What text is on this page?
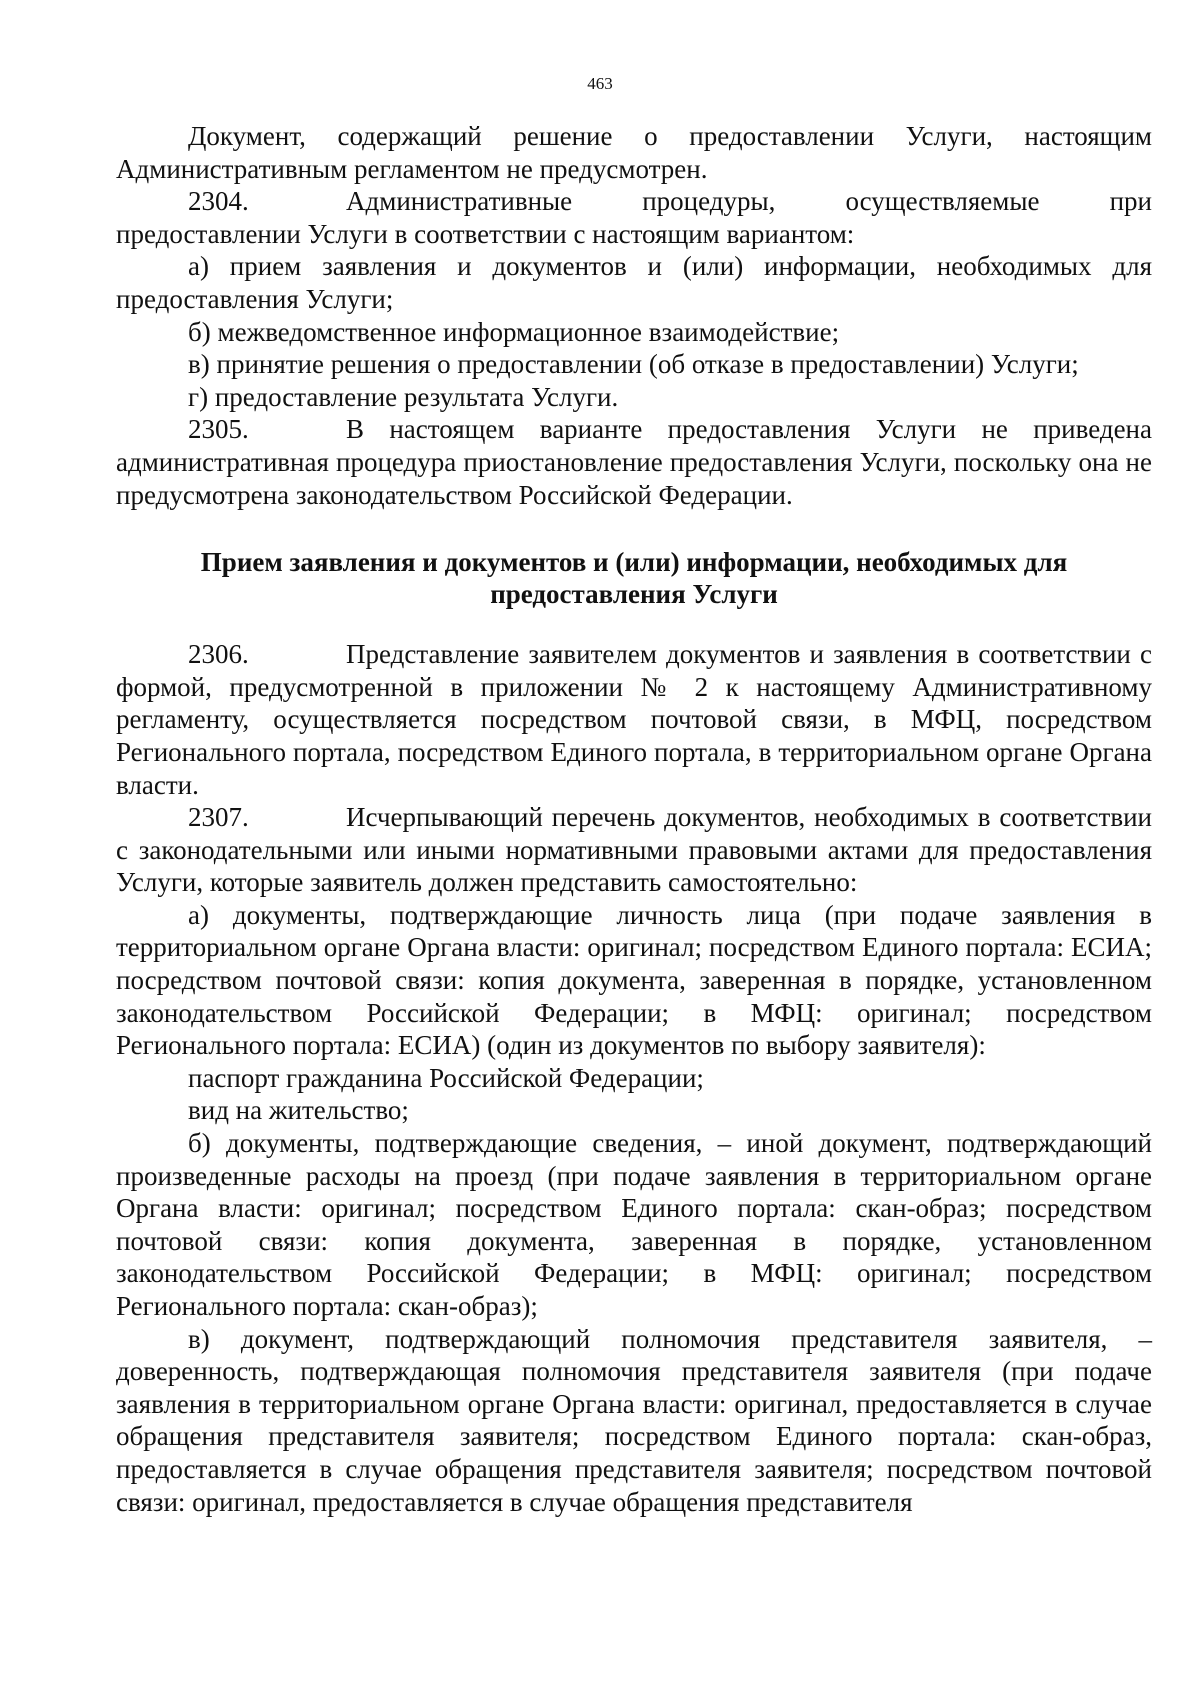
463

Документ, содержащий решение о предоставлении Услуги, настоящим Административным регламентом не предусмотрен.

2304.	Административные процедуры, осуществляемые при предоставлении Услуги в соответствии с настоящим вариантом:

а) прием заявления и документов и (или) информации, необходимых для предоставления Услуги;

б) межведомственное информационное взаимодействие;

в) принятие решения о предоставлении (об отказе в предоставлении) Услуги;

г) предоставление результата Услуги.

2305.	В настоящем варианте предоставления Услуги не приведена административная процедура приостановление предоставления Услуги, поскольку она не предусмотрена законодательством Российской Федерации.

Прием заявления и документов и (или) информации, необходимых для предоставления Услуги

2306.	Представление заявителем документов и заявления в соответствии с формой, предусмотренной в приложении № 2 к настоящему Административному регламенту, осуществляется посредством почтовой связи, в МФЦ, посредством Регионального портала, посредством Единого портала, в территориальном органе Органа власти.

2307.	Исчерпывающий перечень документов, необходимых в соответствии с законодательными или иными нормативными правовыми актами для предоставления Услуги, которые заявитель должен представить самостоятельно:

а) документы, подтверждающие личность лица (при подаче заявления в территориальном органе Органа власти: оригинал; посредством Единого портала: ЕСИА; посредством почтовой связи: копия документа, заверенная в порядке, установленном законодательством Российской Федерации; в МФЦ: оригинал; посредством Регионального портала: ЕСИА) (один из документов по выбору заявителя):

паспорт гражданина Российской Федерации;

вид на жительство;

б) документы, подтверждающие сведения, – иной документ, подтверждающий произведенные расходы на проезд (при подаче заявления в территориальном органе Органа власти: оригинал; посредством Единого портала: скан-образ; посредством почтовой связи: копия документа, заверенная в порядке, установленном законодательством Российской Федерации; в МФЦ: оригинал; посредством Регионального портала: скан-образ);

в) документ, подтверждающий полномочия представителя заявителя, – доверенность, подтверждающая полномочия представителя заявителя (при подаче заявления в территориальном органе Органа власти: оригинал, предоставляется в случае обращения представителя заявителя; посредством Единого портала: скан-образ, предоставляется в случае обращения представителя заявителя; посредством почтовой связи: оригинал, предоставляется в случае обращения представителя
